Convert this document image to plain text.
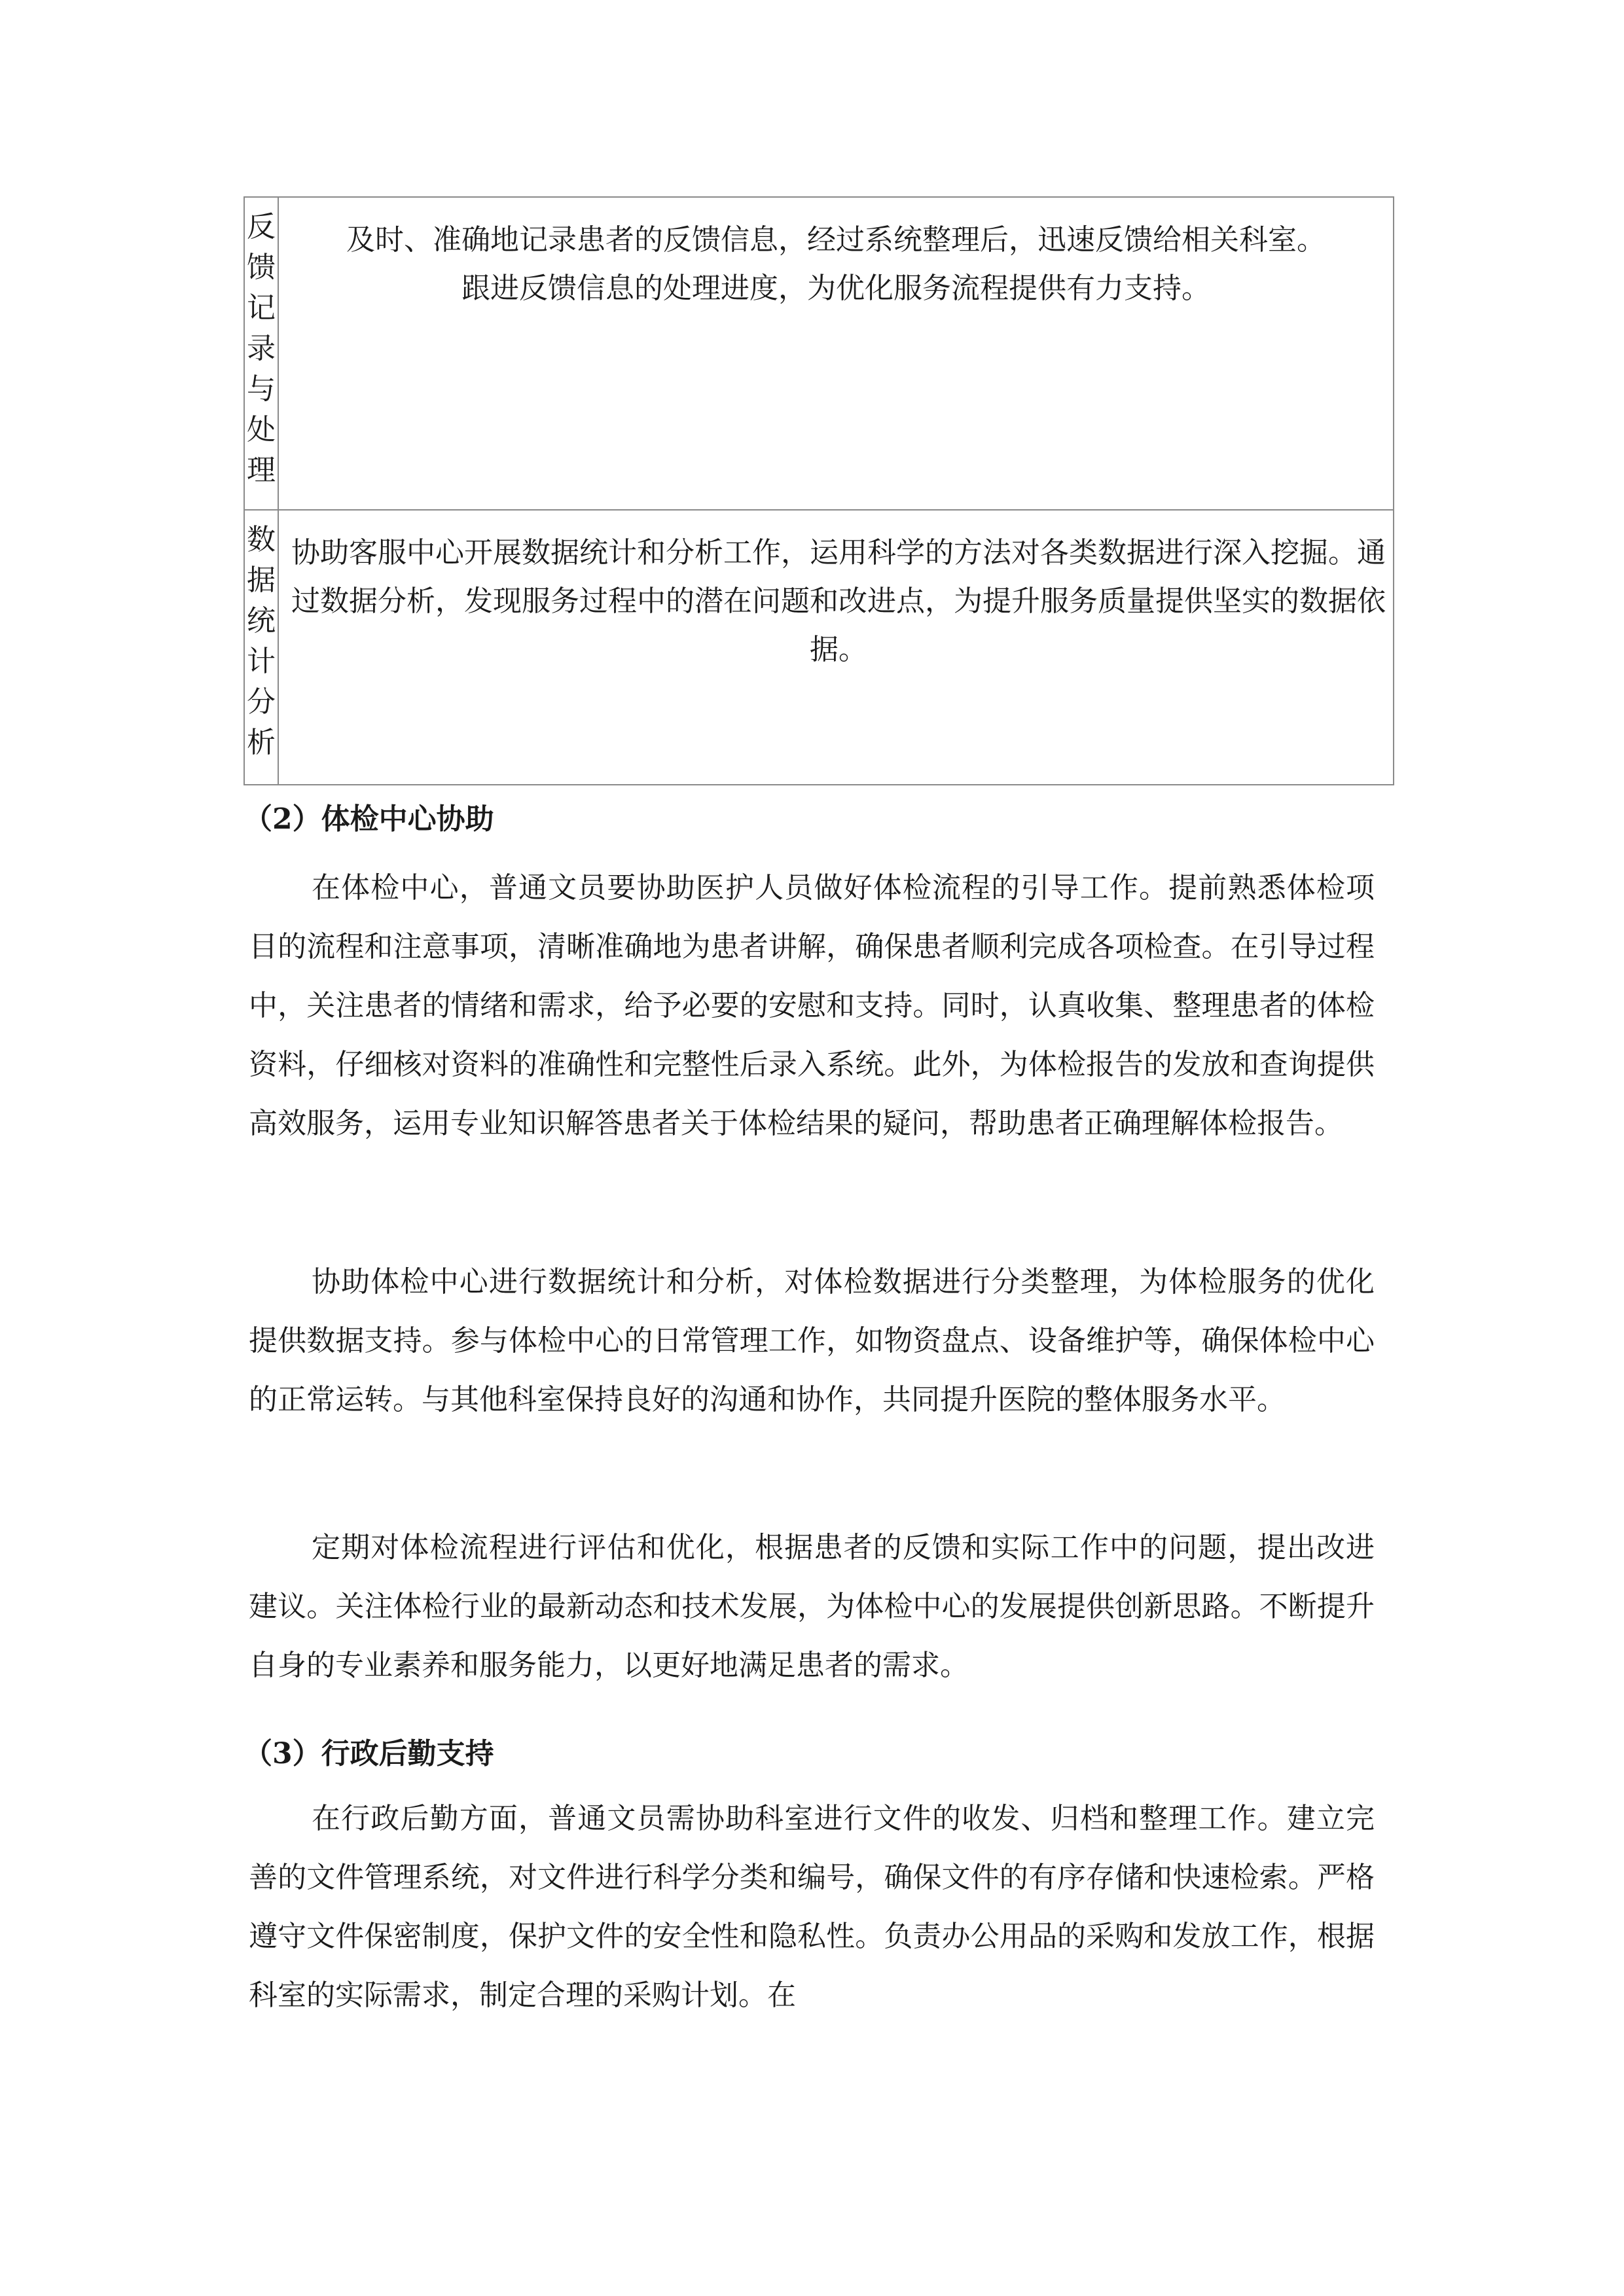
反馈记录与处理	及时、准确地记录患者的反馈信息，经过系统整理后，迅速反馈给相关科室。跟进反馈信息的处理进度，为优化服务流程提供有力支持。
数据统计分析	协助客服中心开展数据统计和分析工作，运用科学的方法对各类数据进行深入挖掘。通过数据分析，发现服务过程中的潜在问题和改进点，为提升服务质量提供坚实的数据依据。
（2）体检中心协助

在体检中心，普通文员要协助医护人员做好体检流程的引导工作。提前熟悉体检项目的流程和注意事项，清晰准确地为患者讲解，确保患者顺利完成各项检查。在引导过程中，关注患者的情绪和需求，给予必要的安慰和支持。同时，认真收集、整理患者的体检资料，仔细核对资料的准确性和完整性后录入系统。此外，为体检报告的发放和查询提供高效服务，运用专业知识解答患者关于体检结果的疑问，帮助患者正确理解体检报告。

协助体检中心进行数据统计和分析，对体检数据进行分类整理，为体检服务的优化提供数据支持。参与体检中心的日常管理工作，如物资盘点、设备维护等，确保体检中心的正常运转。与其他科室保持良好的沟通和协作，共同提升医院的整体服务水平。

定期对体检流程进行评估和优化，根据患者的反馈和实际工作中的问题，提出改进建议。关注体检行业的最新动态和技术发展，为体检中心的发展提供创新思路。不断提升自身的专业素养和服务能力，以更好地满足患者的需求。

（3）行政后勤支持

在行政后勤方面，普通文员需协助科室进行文件的收发、归档和整理工作。建立完善的文件管理系统，对文件进行科学分类和编号，确保文件的有序存储和快速检索。严格遵守文件保密制度，保护文件的安全性和隐私性。负责办公用品的采购和发放工作，根据科室的实际需求，制定合理的采购计划。在
